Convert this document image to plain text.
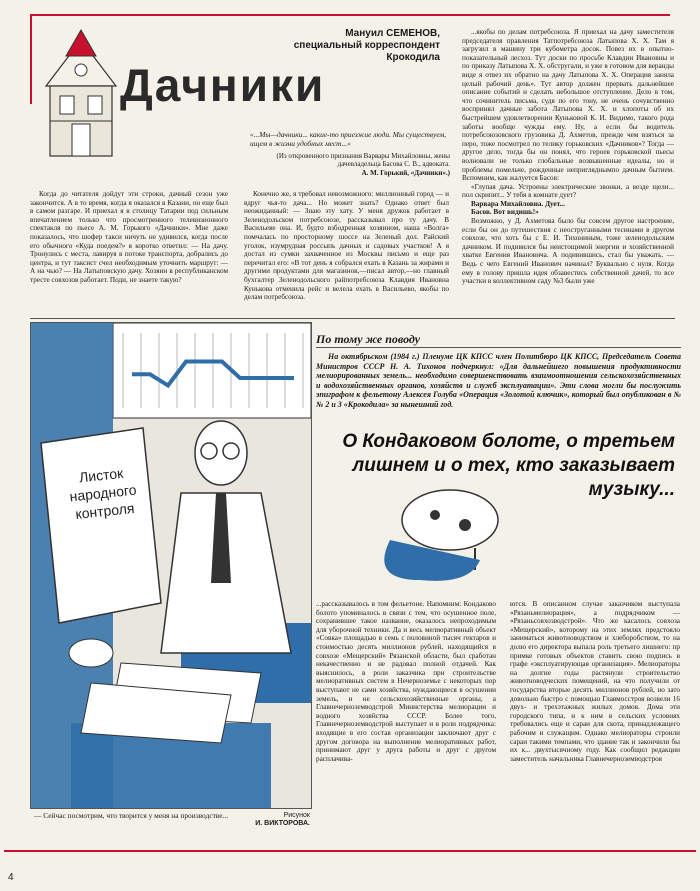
Мануил СЕМЕНОВ,
специальный корреспондент Крокодила
Дачники
«...Мы—дачники... какие-то приезжие люди. Мы существуем, ищем в жизни удобных мест...»
(Из откровенного признания Варвары Михайловны, жены дачевладельца Басова С. В., адвоката.
А. М. Горький, «Дачники».)

Когда до читателя дойдут эти строки, дачный сезон уже закончится. А в то время, когда я оказался в Казани, он еще был в самом разгаре. И приехал я в столицу Татарии под сильным впечатлением только что просмотренного телевизионного спектакля по пьесе А. М. Горького «Дачники». Мне даже показалось, что шофер такси ничуть не удивился, когда после его обычного «Куда поедем?» я коротко ответил: — На дачу. Тронулись с места, лавируя в потоке транспорта, добрались до центра, и тут таксист счел необходимым уточнить маршрут: — А на чью? — На Латыповскую дачу. Хозяин в республиканском тресте совхозов работает. Поди, не знаете такую?

Конечно же, я требовал невозможного: миллионный город — и вдруг чья-то дача... Но может знать? Однако ответ был неожиданный: — Знаю эту хату. У меня дружок работает в Зеленодольском потребсоюзе, рассказывал про ту дачу. В Васильеве она. И, будто взбодренная хозяином, наша «Волга» помчалась по просторному шоссе на Зеленый дол. Райский уголок, изумрудная россыпь дачных и садовых участков! А я достал из сумки захваченное из Москвы письмо и еще раз перечитал его: «В тот день я собрался ехать в Казань за жирами и другими продуктами для магазинов,—писал автор,—но главный бухгалтер Зеленодольского райпотребсоюза Клавдия Ивановна Кунькова отменила рейс и велела ехать в Васильево, якобы по делам потребсоюза.

...якобы по делам потребсоюза. Я приехал на дачу заместителя председателя правления Татпотребсоюза Латыпова Х. Х. Там я загрузил в машину три кубометра досок. Повез их в опытно-показательный лесхоз. Тут доски по просьбе Клавдии Ивановны и по приказу Латыпова Х. Х. обстругали, и уже в готовом для веранды виде я отвез их обратно на дачу Латыпова Х. Х. Операция заняла целый рабочий день». Тут автор должен прервать дальнейшее описание событий и сделать небольшое отступление. Дело в том, что сочинитель письма, судя по его тону, не очень сочувственно воспринял дачные забота Латыпова Х. Х. и хлопоты об их быстрейшем удовлетворении Куньковой К. И. Видимо, такого рода заботы вообще чужды ему. Ну, а если бы водитель потребсоюзовского грузовика Д. Ахметов, прежде чем взяться за перо, тоже посмотрел по телику горьковских «Дачников»? Тогда — другое дело, тогда бы он понял, что героев горьковской пьесы волновали не только глобальные возвышенные идеалы, но и проблемы помельче, рожденные непригляднымпо дачным бытием. Вспомним, как жалуется Басов:

«Глупая дача. Устроены электрические звонки, а везде щели... пол скрипит... У тебя в комнате дует?

Варвара Михайловна. Дует...

Басов. Вот видишь!»

Возможно, у Д. Ахметова было бы совсем другое настроение, если бы он до путешествия с неоструганными тесинами в другом совхозе, что хоть бы с Е. И. Тихониным, тоже зеленодольским дачником. И подивился бы неистощимой энергии и хозяйственной хватке Евгения Ивановича. А подивившись, стал бы уважать. — Ведь с чего Евгений Иванович начинал? Буквально с нуля. Когда ему в голову пришла идея обзавестись собственной дачей, то все участки в коллективном саду №3 были уже

Листок народного контроля
— Сейчас посмотрим, что творится у меня на производстве...	Рисунок
И. ВИКТОРОВА.
По тому же поводу
На октябрьском (1984 г.) Пленуме ЦК КПСС член Политбюро ЦК КПСС, Председатель Совета Министров СССР Н. А. Тихонов подчеркнул: «Для дальнейшего повышения продуктивности мелиорированных земель... необходимо совершенствовать взаимоотношения сельскохозяйственных и водохозяйственных органов, хозяйств и служб эксплуатации». Эти слова могли бы послужить эпиграфом к фельетону Алексея Голуба «Операция «Золотой ключик», который был опубликован в №№ 2 и 3 «Крокодила» за нынешний год.
О Кондаковом болоте, о третьем лишнем и о тех, кто заказывает музыку...

...рассказывалось в том фельетоне. Напомним: Кондаково болото упоминалось в связи с тем, что осушенное поле, сохранившее такое название, оказалось непроходимым для уборочной техники. Да и весь мелиоративный объект «Совка» площадью в семь с половиной тысяч гектаров и стоимостью десять миллионов рублей, находящийся в совхозе «Мещерский» Рязанской области, был сработан некачественно и не радовал полной отдачей. Как выяснилось, в роли заказчика при строительстве мелиоративных систем в Нечерноземье с некоторых пор выступают не сами хозяйства, нуждающиеся в осушении земель, и не сельскохозяйственные органы, а Главнечерноземводстрой Министерства мелиорации и водного хозяйства СССР. Более того, Главнечерноземводстрой выступает и в роли подрядчика: входящие в его состав организации заключают друг с другом договора на выполнение мелиоративных работ, принимают друг у друга работы и друг с другом расплачива-

ются. В описанном случае заказчиком выступала «Рязаньмелиорация», а подрядчиком — «Рязаньсовхозводстрой». Что же касалось совхоза «Мещерский», которому на этих землях предстояло заниматься животноводством и хлеборобством, то на долю его директора выпала роль третьего лишнего: пр примке готовых объектов ставить свою подпись в графе «эксплуатирующая организация». Мелиораторы на долгие годы растянули строительство животноводческих помещений, на что получили от государства вторые десять миллионов рублей, но зато довольно быстро с помощью Главмосстроя возвели 16 двух- и трехэтажных жилых домов. Дома эти городского типа, и к ним в сельских условиях требовались еще и сараи для скота, принадлежащего рабочим и служащим. Однако мелиораторы строили сараи такими темпами, что здание так и закончили бы их к... двухтысячному году. Как сообщил редакции заместитель начальника Главнечерноземводстроя

4
